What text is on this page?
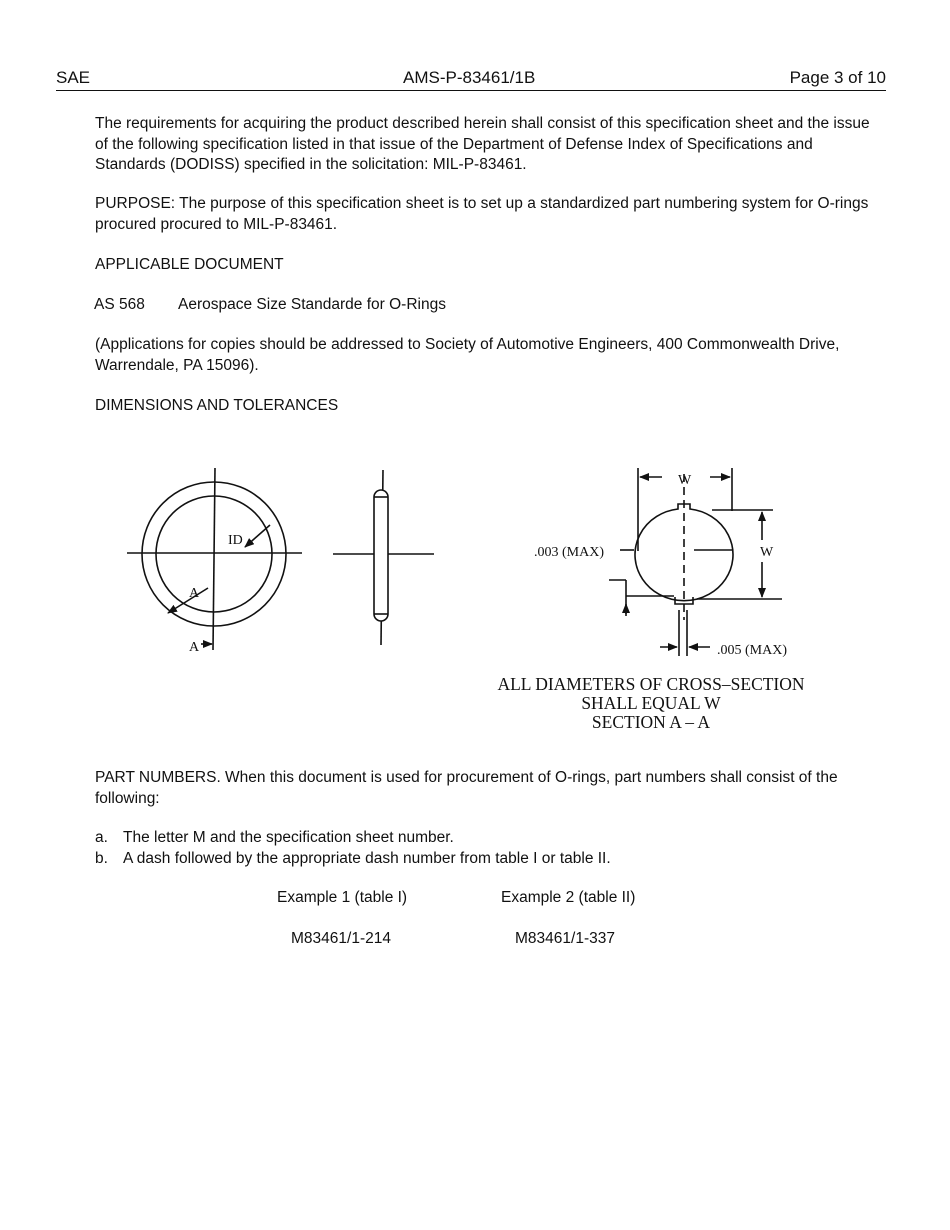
SAE	AMS-P-83461/1B	Page 3 of 10

The requirements for acquiring the product described herein shall consist of this specification sheet and the issue of the following specification listed in that issue of the Department of Defense Index of Specifications and Standards (DODISS) specified in the solicitation: MIL-P-83461.

PURPOSE: The purpose of this specification sheet is to set up a standardized part numbering system for O-rings procured procured to MIL-P-83461.

APPLICABLE DOCUMENT

AS 568 Aerospace Size Standarde for O-Rings

(Applications for copies should be addressed to Society of Automotive Engineers, 400 Commonwealth Drive, Warrendale, PA 15096).

DIMENSIONS AND TOLERANCES

ID
A
A
W
W
.003 (MAX)
.005 (MAX)
ALL DIAMETERS OF CROSS–SECTION
SHALL EQUAL W
SECTION A – A

PART NUMBERS. When this document is used for procurement of O-rings, part numbers shall consist of the following:

a. The letter M and the specification sheet number.
b. A dash followed by the appropriate dash number from table I or table II.
Example 1 (table I)	Example 2 (table II)
M83461/1-214	M83461/1-337
